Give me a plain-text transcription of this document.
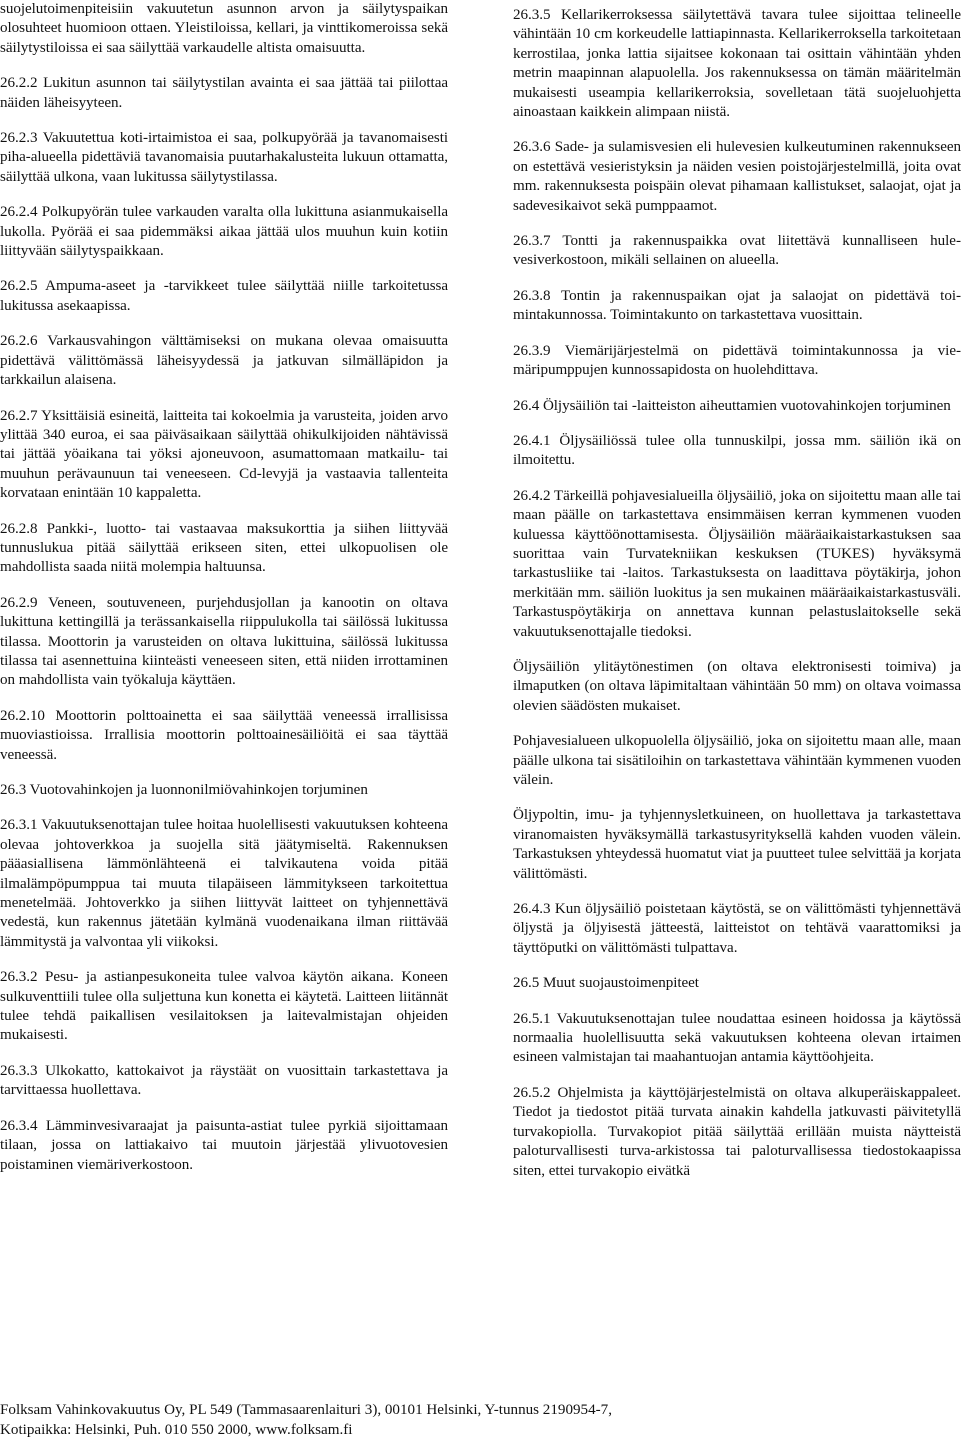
suojelutoimenpiteisiin vakuutetun asunnon arvon ja säilytyspaikan olosuhteet huomioon ottaen. Yleistiloissa, kellari, ja vinttikomeroissa sekä säilytystiloissa ei saa säilyttää varkaudelle altista omaisuutta.

26.2.2 Lukitun asunnon tai säilytystilan avainta ei saa jättää tai piilottaa näiden läheisyyteen.

26.2.3 Vakuutettua koti-irtaimistoa ei saa, polkupyörää ja tavanomaisesti piha-alueella pidettäviä tavanomaisia puutarhakalusteita lukuun ottamatta, säilyttää ulkona, vaan lukitussa säilytystilassa.

26.2.4 Polkupyörän tulee varkauden varalta olla lukittuna asianmukaisella lukolla. Pyörää ei saa pidemmäksi aikaa jättää ulos muuhun kuin kotiin liittyvään säilytyspaikkaan.

26.2.5 Ampuma-aseet ja -tarvikkeet tulee säilyttää niille tarkoitetussa lukitussa asekaapissa.

26.2.6 Varkausvahingon välttämiseksi on mukana olevaa omaisuutta pidettävä välittömässä läheisyydessä ja jatkuvan silmälläpidon ja tarkkailun alaisena.

26.2.7 Yksittäisiä esineitä, laitteita tai kokoelmia ja varusteita, joiden arvo ylittää 340 euroa, ei saa päiväsaikaan säilyttää ohikulkijoiden nähtävissä tai jättää yöaikana tai yöksi ajoneuvoon, asumattomaan matkailu- tai muuhun perävaunuun tai veneeseen. Cd-levyjä ja vastaavia tallenteita korvataan enintään 10 kappaletta.

26.2.8 Pankki-, luotto- tai vastaavaa maksukorttia ja siihen liittyvää tunnuslukua pitää säilyttää erikseen siten, ettei ulkopuolisen ole mahdollista saada niitä molempia haltuunsa.

26.2.9 Veneen, soutuveneen, purjehdusjollan ja kanootin on oltava lukittuna kettingillä ja terässankaisella riippulukolla tai säilössä lukitussa tilassa. Moottorin ja varusteiden on oltava lukittuina, säilössä lukitussa tilassa tai asennettuina kiinteästi veneeseen siten, että niiden irrottaminen on mahdollista vain työkaluja käyttäen.

26.2.10 Moottorin polttoainetta ei saa säilyttää veneessä irrallisissa muoviastioissa. Irrallisia moottorin polttoainesäiliöitä ei saa täyttää veneessä.

26.3 Vuotovahinkojen ja luonnonilmiövahinkojen torjuminen

26.3.1 Vakuutuksenottajan tulee hoitaa huolellisesti vakuutuksen kohteena olevaa johtoverkkoa ja suojella sitä jäätymiseltä. Rakennuksen pääasiallisena lämmönlähteenä ei talvikautena voida pitää ilmalämpöpumppua tai muuta tilapäiseen lämmitykseen tarkoitettua menetelmää. Johtoverkko ja siihen liittyvät laitteet on tyhjennettävä vedestä, kun rakennus jätetään kylmänä vuodenaikana ilman riittävää lämmitystä ja valvontaa yli viikoksi.

26.3.2 Pesu- ja astianpesukoneita tulee valvoa käytön aikana. Koneen sulkuventtiili tulee olla suljettuna kun konetta ei käytetä. Laitteen liitännät tulee tehdä paikallisen vesilaitoksen ja laitevalmistajan ohjeiden mukaisesti.

26.3.3 Ulkokatto, kattokaivot ja räystäät on vuosittain tarkastettava ja tarvittaessa huollettava.

26.3.4 Lämminvesivaraajat ja paisunta-astiat tulee pyrkiä sijoittamaan tilaan, jossa on lattiakaivo tai muutoin järjestää ylivuotovesien poistaminen viemäriverkostoon.

26.3.5 Kellarikerroksessa säilytettävä tavara tulee sijoittaa telineelle vähintään 10 cm korkeudelle lattiapinnasta. Kellarikerroksella tarkoitetaan kerrostilaa, jonka lattia sijaitsee kokonaan tai osittain vähintään yhden metrin maapinnan alapuolella. Jos rakennuksessa on tämän määritelmän mukaisesti useampia kellarikerroksia, sovelletaan tätä suojeluohjetta ainoastaan kaikkein alimpaan niistä.

26.3.6 Sade- ja sulamisvesien eli hulevesien kulkeutuminen rakennukseen on estettävä vesieristyksin ja näiden vesien poistojärjestelmillä, joita ovat mm. rakennuksesta poispäin olevat pihamaan kallistukset, salaojat, ojat ja sadevesikaivot sekä pumppaamot.

26.3.7 Tontti ja rakennuspaikka ovat liitettävä kunnalliseen hulevesiverkostoon, mikäli sellainen on alueella.

26.3.8 Tontin ja rakennuspaikan ojat ja salaojat on pidettävä toimintakunnossa. Toimintakunto on tarkastettava vuosittain.

26.3.9 Viemärijärjestelmä on pidettävä toimintakunnossa ja viemäripumppujen kunnossapidosta on huolehdittava.

26.4 Öljysäiliön tai -laitteiston aiheuttamien vuotovahinkojen torjuminen

26.4.1 Öljysäiliössä tulee olla tunnuskilpi, jossa mm. säiliön ikä on ilmoitettu.

26.4.2 Tärkeillä pohjavesialueilla öljysäiliö, joka on sijoitettu maan alle tai maan päälle on tarkastettava ensimmäisen kerran kymmenen vuoden kuluessa käyttöönottamisesta. Öljysäiliön määräaikaistarkastuksen saa suorittaa vain Turvatekniikan keskuksen (TUKES) hyväksymä tarkastusliike tai -laitos. Tarkastuksesta on laadittava pöytäkirja, johon merkitään mm. säiliön luokitus ja sen mukainen määräaikaistarkastusväli. Tarkastuspöytäkirja on annettava kunnan pelastuslaitokselle sekä vakuutuksenottajalle tiedoksi.

Öljysäiliön ylitäytönestimen (on oltava elektronisesti toimiva) ja ilmaputken (on oltava läpimitaltaan vähintään 50 mm) on oltava voimassa olevien säädösten mukaiset.

Pohjavesialueen ulkopuolella öljysäiliö, joka on sijoitettu maan alle, maan päälle ulkona tai sisätiloihin on tarkastettava vähintään kymmenen vuoden välein.

Öljypoltin, imu- ja tyhjennysletkuineen, on huollettava ja tarkastettava viranomaisten hyväksymällä tarkastusyrityksellä kahden vuoden välein. Tarkastuksen yhteydessä huomatut viat ja puutteet tulee selvittää ja korjata välittömästi.

26.4.3 Kun öljysäiliö poistetaan käytöstä, se on välittömästi tyhjennettävä öljystä ja öljyisestä jätteestä, laitteistot on tehtävä vaarattomiksi ja täyttöputki on välittömästi tulpattava.

26.5 Muut suojaustoimenpiteet

26.5.1 Vakuutuksenottajan tulee noudattaa esineen hoidossa ja käytössä normaalia huolellisuutta sekä vakuutuksen kohteena olevan irtaimen esineen valmistajan tai maahantuojan antamia käyttöohjeita.

26.5.2 Ohjelmista ja käyttöjärjestelmistä on oltava alkuperäiskappaleet. Tiedot ja tiedostot pitää turvata ainakin kahdella jatkuvasti päivitetyllä turvakopiolla. Turvakopiot pitää säilyttää erillään muista näytteistä paloturvallisesti turva-arkistossa tai paloturvallisessa tiedostokaapissa siten, ettei turvakopio eivätkä

Folksam Vahinkovakuutus Oy, PL 549 (Tammasaarenlaituri 3), 00101 Helsinki, Y-tunnus 2190954-7,
Kotipaikka: Helsinki, Puh. 010 550 2000, www.folksam.fi
